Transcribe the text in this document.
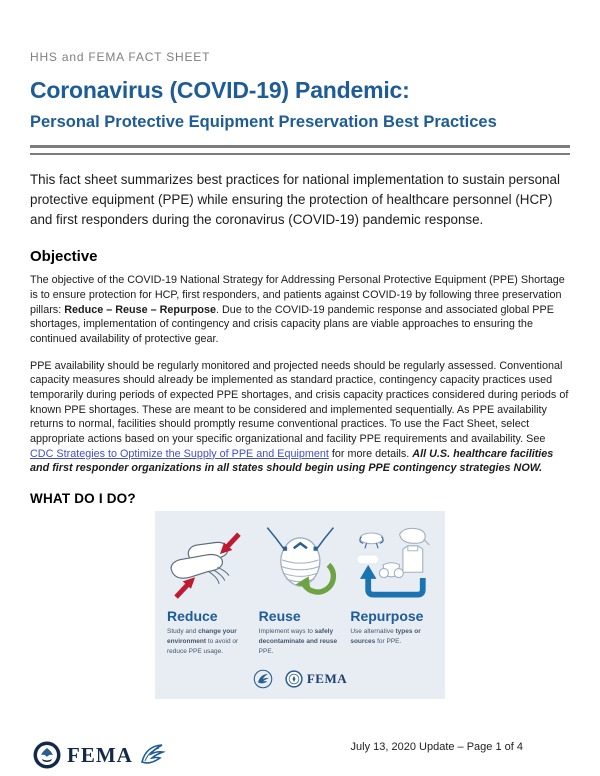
HHS and FEMA FACT SHEET
Coronavirus (COVID-19) Pandemic:
Personal Protective Equipment Preservation Best Practices

This fact sheet summarizes best practices for national implementation to sustain personal protective equipment (PPE) while ensuring the protection of healthcare personnel (HCP) and first responders during the coronavirus (COVID-19) pandemic response.

Objective

The objective of the COVID-19 National Strategy for Addressing Personal Protective Equipment (PPE) Shortage is to ensure protection for HCP, first responders, and patients against COVID-19 by following three preservation pillars: Reduce – Reuse – Repurpose. Due to the COVID-19 pandemic response and associated global PPE shortages, implementation of contingency and crisis capacity plans are viable approaches to ensuring the continued availability of protective gear.

PPE availability should be regularly monitored and projected needs should be regularly assessed. Conventional capacity measures should already be implemented as standard practice, contingency capacity practices used temporarily during periods of expected PPE shortages, and crisis capacity practices considered during periods of known PPE shortages. These are meant to be considered and implemented sequentially. As PPE availability returns to normal, facilities should promptly resume conventional practices. To use the Fact Sheet, select appropriate actions based on your specific organizational and facility PPE requirements and availability. See CDC Strategies to Optimize the Supply of PPE and Equipment for more details. All U.S. healthcare facilities and first responder organizations in all states should begin using PPE contingency strategies NOW.

WHAT DO I DO?
Reduce
Study and change your environment to avoid or reduce PPE usage.
Reuse
Implement ways to safely decontaminate and reuse PPE.
Repurpose
Use alternative types or sources for PPE.
FEMA
FEMA	July 13, 2020 Update – Page 1 of 4
